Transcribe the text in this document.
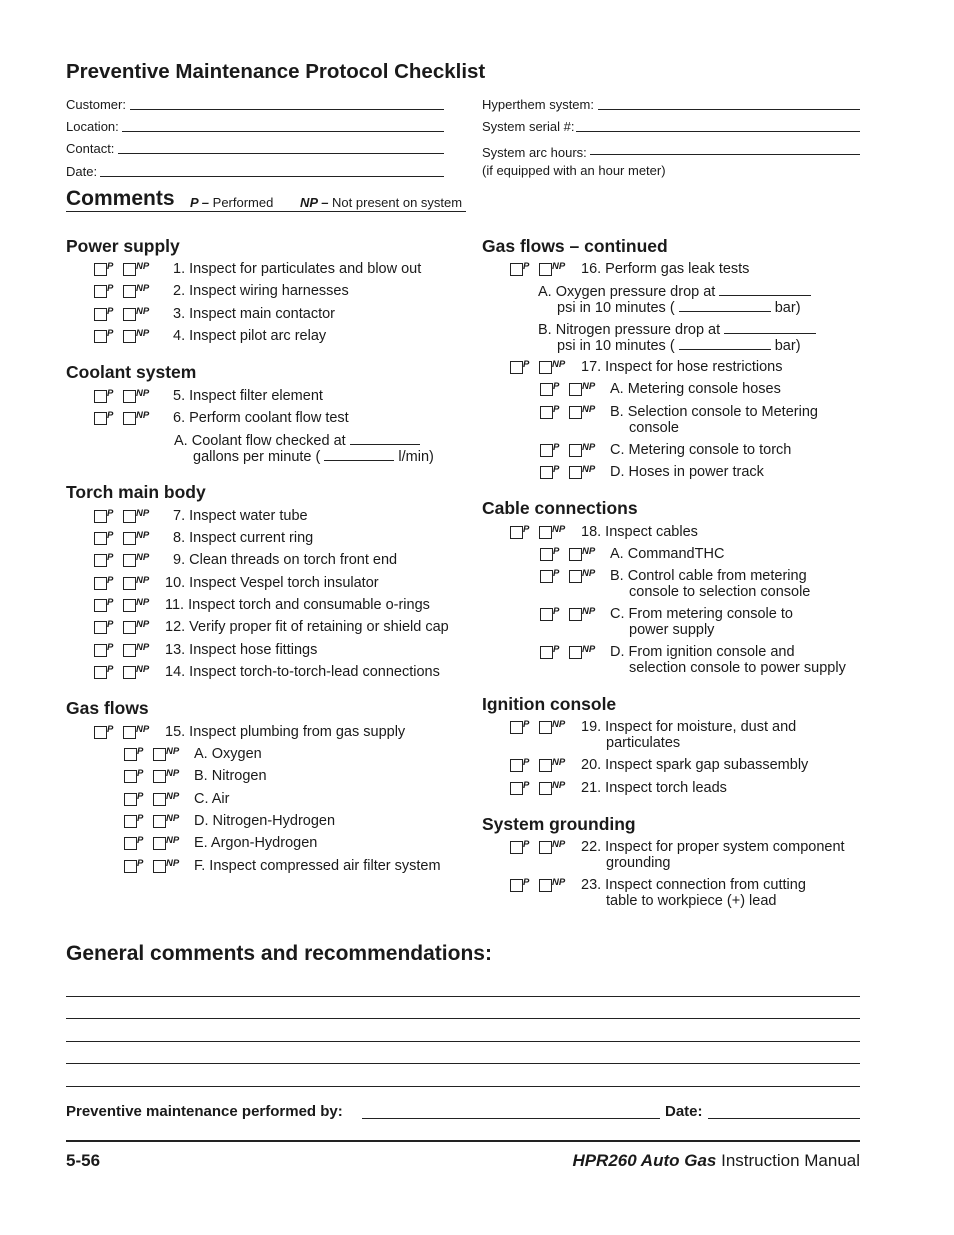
Preventive Maintenance Protocol Checklist
Customer:
Location:
Contact:
Date:
Hyperthem system:
System serial #:
System arc hours:
(if equipped with an hour meter)
Comments P – Performed NP – Not present on system
Power supply
P NP 1. Inspect for particulates and blow out
P NP 2. Inspect wiring harnesses
P NP 3. Inspect main contactor
P NP 4. Inspect pilot arc relay
Coolant system
P NP 5. Inspect filter element
P NP 6. Perform coolant flow test
A. Coolant flow checked at
gallons per minute (	l/min)
Torch main body
P NP 7. Inspect water tube
P NP 8. Inspect current ring
P NP 9. Clean threads on torch front end
P NP 10. Inspect Vespel torch insulator
P NP 11. Inspect torch and consumable o-rings
P NP 12. Verify proper fit of retaining or shield cap
P NP 13. Inspect hose fittings
P NP 14. Inspect torch-to-torch-lead connections
Gas flows
P NP 15. Inspect plumbing from gas supply
P NP A. Oxygen
P NP B. Nitrogen
P NP C. Air
P NP D. Nitrogen-Hydrogen
P NP E. Argon-Hydrogen
P NP F. Inspect compressed air filter system
Gas flows – continued
P NP 16. Perform gas leak tests
A. Oxygen pressure drop at
psi in 10 minutes (	bar)
B. Nitrogen pressure drop at
psi in 10 minutes (	bar)
P NP 17. Inspect for hose restrictions
P NP A. Metering console hoses
P NP B. Selection console to Metering
console
P NP C. Metering console to torch
P NP D. Hoses in power track
Cable connections
P NP 18. Inspect cables
P NP A. CommandTHC
P NP B. Control cable from metering
console to selection console
P NP C. From metering console to
power supply
P NP D. From ignition console and
selection console to power supply
Ignition console
P NP 19. Inspect for moisture, dust and
particulates
P NP 20. Inspect spark gap subassembly
P NP 21. Inspect torch leads
System grounding
P NP 22. Inspect for proper system component
grounding
P NP 23. Inspect connection from cutting
table to workpiece (+) lead
General comments and recommendations:
Preventive maintenance performed by:	Date:
5-56	HPR260 Auto Gas Instruction Manual
